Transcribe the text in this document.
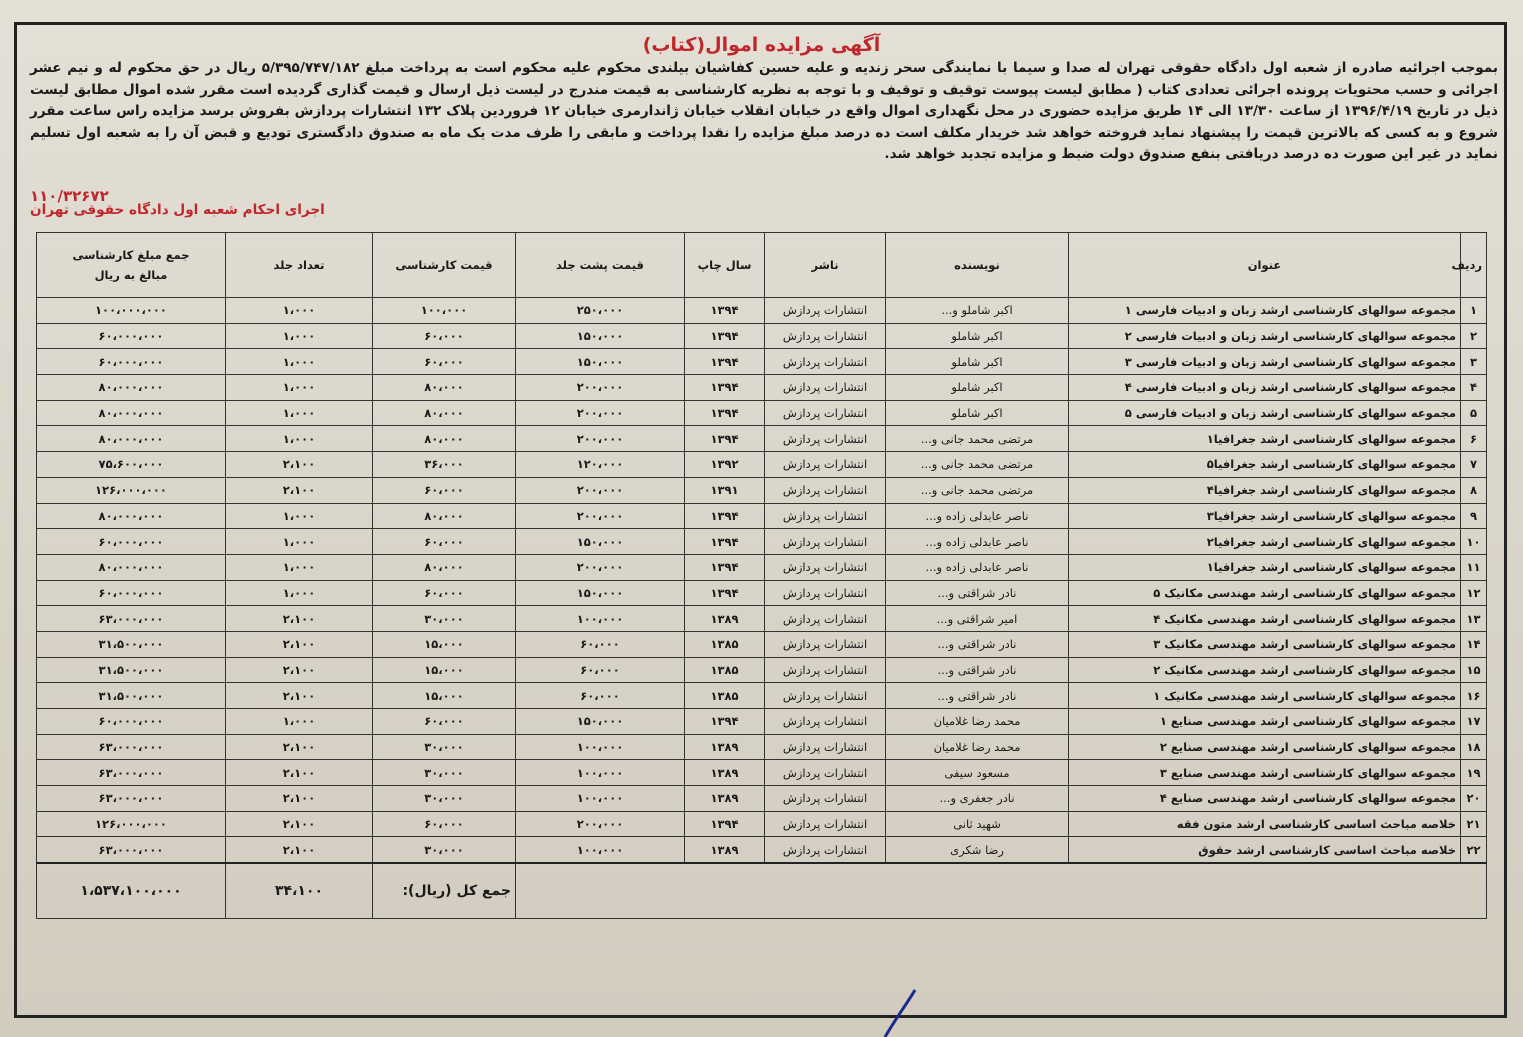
آگهی مزایده اموال(کتاب)
بموجب اجرائیه صادره از شعبه اول دادگاه حقوقی تهران له صدا و سیما با نمایندگی سحر زندیه و علیه حسین کفاشیان بیلندی محکوم علیه محکوم است به پرداخت مبلغ ۵/۳۹۵/۷۴۷/۱۸۲ ریال در حق محکوم له و نیم عشر اجرائی و حسب محتویات پرونده اجرائی تعدادی کتاب ( مطابق لیست پیوست توقیف و توقیف و با توجه به نظریه کارشناسی به قیمت مندرج در لیست ذیل ارسال و قیمت گذاری گردیده است مقرر شده اموال مطابق لیست ذیل در تاریخ ۱۳۹۶/۴/۱۹ از ساعت ۱۳/۳۰ الی ۱۴ طریق مزایده حضوری در محل نگهداری اموال واقع در خیابان انقلاب خیابان ژاندارمری خیابان ۱۲ فروردین پلاک ۱۳۲ انتشارات پردازش بفروش برسد مزایده راس ساعت مقرر شروع و به کسی که بالاترین قیمت را پیشنهاد نماید فروخته خواهد شد خریدار مکلف است ده درصد مبلغ مزایده را نقدا پرداخت و مابقی را ظرف مدت یک ماه به صندوق دادگستری تودیع و قبض آن را به شعبه اول تسلیم نماید در غیر این صورت ده درصد دریافتی بنفع صندوق دولت ضبط و مزایده تجدید خواهد شد.
۱۱۰/۳۲۶۷۲
اجرای احکام شعبه اول دادگاه حقوقی تهران
ردیف	عنوان	نویسنده	ناشر	سال چاپ	قیمت پشت جلد	قیمت کارشناسی	تعداد جلد	جمع مبلغ کارشناسی
مبالغ به ریال

۱	مجموعه سوالهای کارشناسی ارشد زبان و ادبیات فارسی ۱	اکبر شاملو و...	انتشارات پردازش	۱۳۹۴	۲۵۰،۰۰۰	۱۰۰،۰۰۰	۱،۰۰۰	۱۰۰،۰۰۰،۰۰۰
۲	مجموعه سوالهای کارشناسی ارشد زبان و ادبیات فارسی ۲	اکبر شاملو	انتشارات پردازش	۱۳۹۴	۱۵۰،۰۰۰	۶۰،۰۰۰	۱،۰۰۰	۶۰،۰۰۰،۰۰۰
۳	مجموعه سوالهای کارشناسی ارشد زبان و ادبیات فارسی ۳	اکبر شاملو	انتشارات پردازش	۱۳۹۴	۱۵۰،۰۰۰	۶۰،۰۰۰	۱،۰۰۰	۶۰،۰۰۰،۰۰۰
۴	مجموعه سوالهای کارشناسی ارشد زبان و ادبیات فارسی ۴	اکبر شاملو	انتشارات پردازش	۱۳۹۴	۲۰۰،۰۰۰	۸۰،۰۰۰	۱،۰۰۰	۸۰،۰۰۰،۰۰۰
۵	مجموعه سوالهای کارشناسی ارشد زبان و ادبیات فارسی ۵	اکبر شاملو	انتشارات پردازش	۱۳۹۴	۲۰۰،۰۰۰	۸۰،۰۰۰	۱،۰۰۰	۸۰،۰۰۰،۰۰۰
۶	مجموعه سوالهای کارشناسی ارشد جغرافیا۱	مرتضی محمد جانی و...	انتشارات پردازش	۱۳۹۴	۲۰۰،۰۰۰	۸۰،۰۰۰	۱،۰۰۰	۸۰،۰۰۰،۰۰۰
۷	مجموعه سوالهای کارشناسی ارشد جغرافیا۵	مرتضی محمد جانی و...	انتشارات پردازش	۱۳۹۲	۱۲۰،۰۰۰	۳۶،۰۰۰	۲،۱۰۰	۷۵،۶۰۰،۰۰۰
۸	مجموعه سوالهای کارشناسی ارشد جغرافیا۴	مرتضی محمد جانی و...	انتشارات پردازش	۱۳۹۱	۲۰۰،۰۰۰	۶۰،۰۰۰	۲،۱۰۰	۱۲۶،۰۰۰،۰۰۰
۹	مجموعه سوالهای کارشناسی ارشد جغرافیا۳	ناصر عابدلی زاده و...	انتشارات پردازش	۱۳۹۴	۲۰۰،۰۰۰	۸۰،۰۰۰	۱،۰۰۰	۸۰،۰۰۰،۰۰۰
۱۰	مجموعه سوالهای کارشناسی ارشد جغرافیا۲	ناصر عابدلی زاده و...	انتشارات پردازش	۱۳۹۴	۱۵۰،۰۰۰	۶۰،۰۰۰	۱،۰۰۰	۶۰،۰۰۰،۰۰۰
۱۱	مجموعه سوالهای کارشناسی ارشد جغرافیا۱	ناصر عابدلی زاده و...	انتشارات پردازش	۱۳۹۴	۲۰۰،۰۰۰	۸۰،۰۰۰	۱،۰۰۰	۸۰،۰۰۰،۰۰۰
۱۲	مجموعه سوالهای کارشناسی ارشد مهندسی مکانیک ۵	نادر شراقتی و...	انتشارات پردازش	۱۳۹۴	۱۵۰،۰۰۰	۶۰،۰۰۰	۱،۰۰۰	۶۰،۰۰۰،۰۰۰
۱۳	مجموعه سوالهای کارشناسی ارشد مهندسی مکانیک ۴	امیر شراقتی و...	انتشارات پردازش	۱۳۸۹	۱۰۰،۰۰۰	۳۰،۰۰۰	۲،۱۰۰	۶۳،۰۰۰،۰۰۰
۱۴	مجموعه سوالهای کارشناسی ارشد مهندسی مکانیک ۳	نادر شراقتی و...	انتشارات پردازش	۱۳۸۵	۶۰،۰۰۰	۱۵،۰۰۰	۲،۱۰۰	۳۱،۵۰۰،۰۰۰
۱۵	مجموعه سوالهای کارشناسی ارشد مهندسی مکانیک ۲	نادر شراقتی و...	انتشارات پردازش	۱۳۸۵	۶۰،۰۰۰	۱۵،۰۰۰	۲،۱۰۰	۳۱،۵۰۰،۰۰۰
۱۶	مجموعه سوالهای کارشناسی ارشد مهندسی مکانیک ۱	نادر شراقتی و...	انتشارات پردازش	۱۳۸۵	۶۰،۰۰۰	۱۵،۰۰۰	۲،۱۰۰	۳۱،۵۰۰،۰۰۰
۱۷	مجموعه سوالهای کارشناسی ارشد مهندسی صنایع ۱	محمد رضا غلامیان	انتشارات پردازش	۱۳۹۴	۱۵۰،۰۰۰	۶۰،۰۰۰	۱،۰۰۰	۶۰،۰۰۰،۰۰۰
۱۸	مجموعه سوالهای کارشناسی ارشد مهندسی صنایع ۲	محمد رضا غلامیان	انتشارات پردازش	۱۳۸۹	۱۰۰،۰۰۰	۳۰،۰۰۰	۲،۱۰۰	۶۳،۰۰۰،۰۰۰
۱۹	مجموعه سوالهای کارشناسی ارشد مهندسی صنایع ۳	مسعود سیفی	انتشارات پردازش	۱۳۸۹	۱۰۰،۰۰۰	۳۰،۰۰۰	۲،۱۰۰	۶۳،۰۰۰،۰۰۰
۲۰	مجموعه سوالهای کارشناسی ارشد مهندسی صنایع ۴	نادر جعفری و...	انتشارات پردازش	۱۳۸۹	۱۰۰،۰۰۰	۳۰،۰۰۰	۲،۱۰۰	۶۳،۰۰۰،۰۰۰
۲۱	خلاصه مباحث اساسی کارشناسی ارشد متون فقه	شهید ثانی	انتشارات پردازش	۱۳۹۴	۲۰۰،۰۰۰	۶۰،۰۰۰	۲،۱۰۰	۱۲۶،۰۰۰،۰۰۰
۲۲	خلاصه مباحث اساسی کارشناسی ارشد حقوق	رضا شکری	انتشارات پردازش	۱۳۸۹	۱۰۰،۰۰۰	۳۰،۰۰۰	۲،۱۰۰	۶۳،۰۰۰،۰۰۰
						جمع کل (ریال):	۳۴،۱۰۰	۱،۵۳۷،۱۰۰،۰۰۰
